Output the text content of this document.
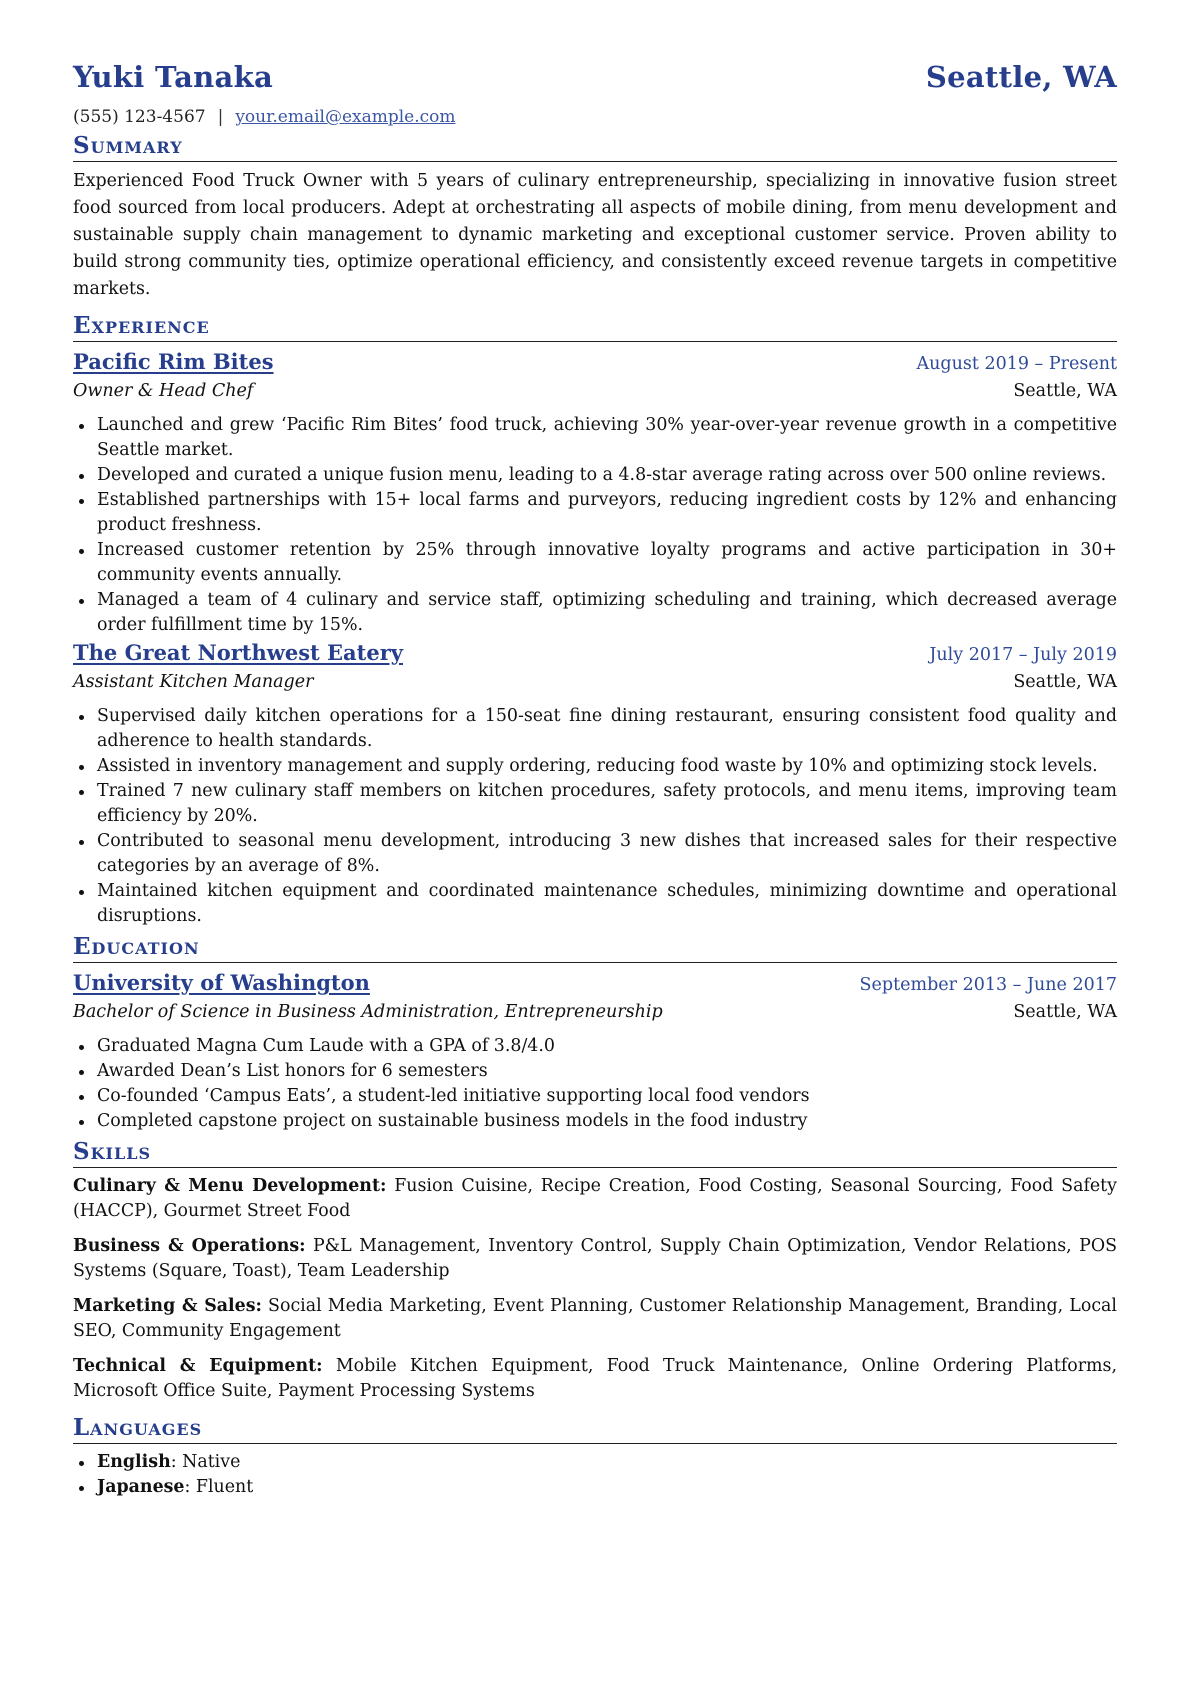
Yuki Tanaka	Seattle, WA
(555) 123-4567 | your.email@example.com
Summary

Experienced Food Truck Owner with 5 years of culinary entrepreneurship, specializing in innovative fusion street food sourced from local producers. Adept at orchestrating all aspects of mobile dining, from menu development and sustainable supply chain management to dynamic marketing and exceptional customer service. Proven ability to build strong community ties, optimize operational efficiency, and consistently exceed revenue targets in competitive markets.

Experience
Pacific Rim Bites	August 2019 – Present
Owner & Head Chef	Seattle, WA
Launched and grew ‘Pacific Rim Bites’ food truck, achieving 30% year-over-year revenue growth in a competitive Seattle market.
Developed and curated a unique fusion menu, leading to a 4.8-star average rating across over 500 online reviews.
Established partnerships with 15+ local farms and purveyors, reducing ingredient costs by 12% and enhancing product freshness.
Increased customer retention by 25% through innovative loyalty programs and active participation in 30+ community events annually.
Managed a team of 4 culinary and service staff, optimizing scheduling and training, which decreased average order fulfillment time by 15%.
The Great Northwest Eatery	July 2017 – July 2019
Assistant Kitchen Manager	Seattle, WA
Supervised daily kitchen operations for a 150-seat fine dining restaurant, ensuring consistent food quality and adherence to health standards.
Assisted in inventory management and supply ordering, reducing food waste by 10% and optimizing stock levels.
Trained 7 new culinary staff members on kitchen procedures, safety protocols, and menu items, improving team efficiency by 20%.
Contributed to seasonal menu development, introducing 3 new dishes that increased sales for their respective categories by an average of 8%.
Maintained kitchen equipment and coordinated maintenance schedules, minimizing downtime and operational disruptions.
Education
University of Washington	September 2013 – June 2017
Bachelor of Science in Business Administration, Entrepreneurship	Seattle, WA
Graduated Magna Cum Laude with a GPA of 3.8/4.0
Awarded Dean’s List honors for 6 semesters
Co-founded ‘Campus Eats’, a student-led initiative supporting local food vendors
Completed capstone project on sustainable business models in the food industry
Skills
Culinary & Menu Development: Fusion Cuisine, Recipe Creation, Food Costing, Seasonal Sourcing, Food Safety (HACCP), Gourmet Street Food
Business & Operations: P&L Management, Inventory Control, Supply Chain Optimization, Vendor Relations, POS Systems (Square, Toast), Team Leadership
Marketing & Sales: Social Media Marketing, Event Planning, Customer Relationship Management, Branding, Local SEO, Community Engagement
Technical & Equipment: Mobile Kitchen Equipment, Food Truck Maintenance, Online Ordering Platforms, Microsoft Office Suite, Payment Processing Systems
Languages
English: Native
Japanese: Fluent
